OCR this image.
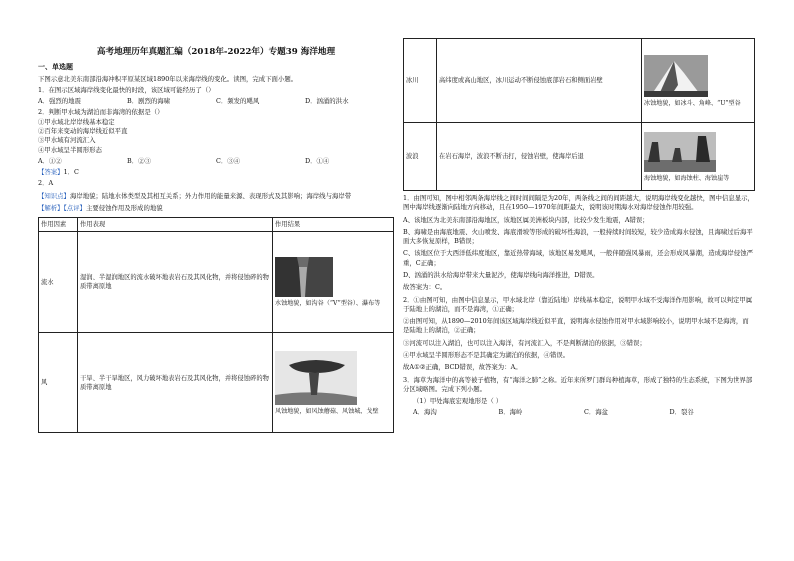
高考地理历年真题汇编（2018年-2022年）专题39 海洋地理
一、单选题

下图示意北美东南部沿海冲积平原某区域1890年以来海岸线的变化。读图，完成下面小题。

1．在图示区域海岸线变化最快的时段，该区域可能经历了（）

A．强烈的地震	B．剧烈的海啸	C．频发的飓风	D．汹涌的洪水

2．判断甲水域为湖泊而非海湾的依据是（）

①甲水域北岸岸线基本稳定

②百年来变动的海岸线近似平直

③甲水域有河流汇入

④甲水域呈半圆形形态

A．①②	B．②③	C．③④	D．①④

【答案】1．C

2．A

【知识点】海岸地貌；陆地水体类型及其相互关系；外力作用的能量来源、表现形式及其影响；海岸线与海岸带

【解析】【点评】主要侵蚀作用及形成的地貌

作用因素	作用表现	作用结果
流水	湿润、半湿润地区的流水破坏地表岩石及其风化物，并将侵蚀碎的物质带离原地	水蚀地貌，如沟谷（“V”型谷）、瀑布等
风	干旱、半干旱地区，风力破坏地表岩石及其风化物，并将侵蚀碎的物质带离原地	风蚀地貌，如风蚀蘑菇、风蚀城、戈壁
冰川	高纬度或高山地区，冰川运动不断侵蚀底部岩石和侧面岩壁	冰蚀地貌，如冰斗、角峰、“U”型谷
波浪	在岩石海岸，波浪不断击打，侵蚀岩壁，使海岸后退	海蚀地貌，如海蚀柱、海蚀崖等

1．由图可知，图中相邻两条海岸线之间时间间隔是为20年，两条线之间的间距越大，说明海岸线变化越快，图中信息显示，图中海岸线逐渐向陆地方向移动，且在1950—1970年间距最大，说明该时期海水对海岸侵蚀作用较强。

A、该地区为北美东南部沿海地区，该地区属美洲板块内部，比较少发生地震，A错误；

B、海啸是由海底地震、火山喷发、海底滑坡等形成的破坏性海浪，一般持续时间较短，较少造成海水侵蚀，且海啸过后海平面大多恢复原样，B错误；

C、该地区位于大西洋低纬度地区，靠近热带海域，该地区易发飓风，一般伴随强风暴雨，还会形成风暴潮，造成海岸侵蚀严重，C正确；

D、汹涌的洪水给海岸带来大量泥沙，使海岸线向海洋推进，D错误。

故答案为：C。

2．①由图可知，由图中信息显示，甲水域北岸（靠近陆地）岸线基本稳定，说明甲水域不受海洋作用影响，故可以判定甲属于陆地上的湖泊，而不是海湾，①正确；

②由图可知，从1890—2010年间该区域海岸线近似平直，说明海水侵蚀作用对甲水域影响较小，说明甲水域不是海湾，而是陆地上的湖泊，②正确；

③河流可以注入湖泊，也可以注入海洋，有河流汇入，不是判断湖泊的依据，③错误；

④甲水域呈半圆形形态不是其确定为湖泊的依据，④错误。

故A①②正确，BCD错误，故答案为：A。

3．海草为海洋中的高等被子植物，有“海洋之肺”之称。近年来所罗门群岛种植海草，形成了独特的生态系统，下图为世界部分区域略图。完成下列小题。

（1）甲处海底宏观地形是（ ）

A．海沟	B．海岭	C．海盆	D．裂谷
